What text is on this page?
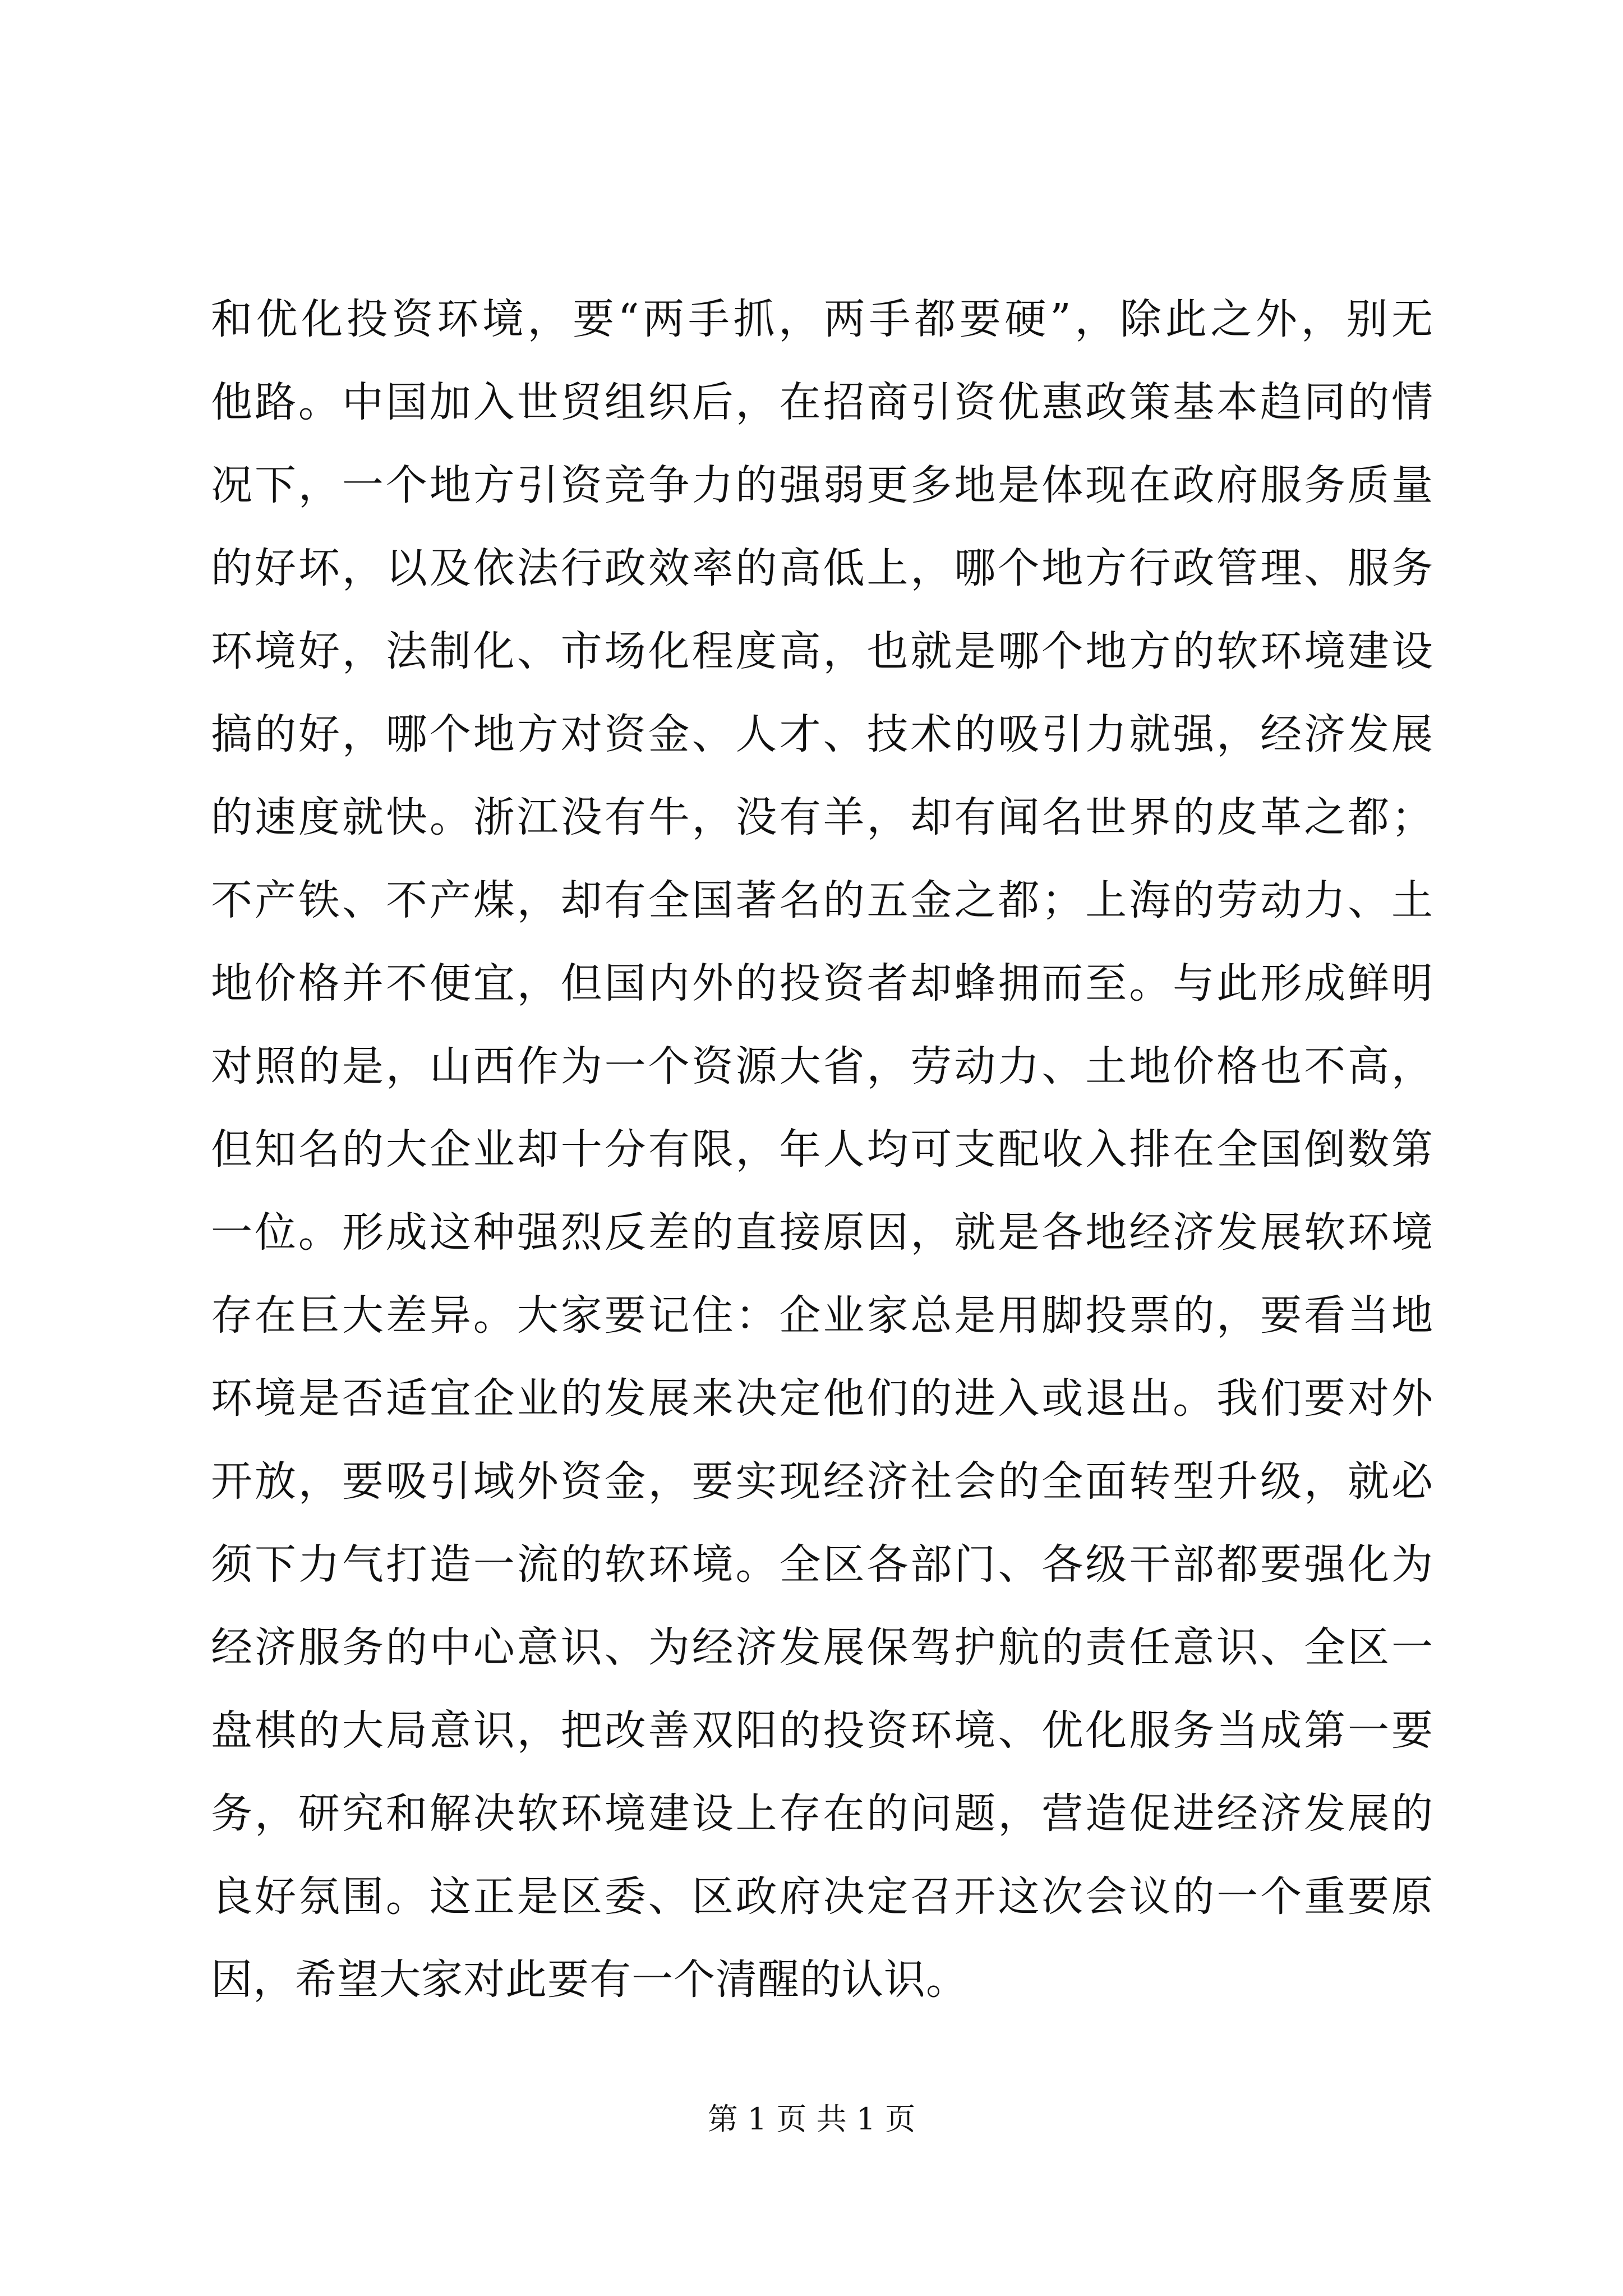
和优化投资环境，要“两手抓，两手都要硬”，除此之外，别无
他路。中国加入世贸组织后，在招商引资优惠政策基本趋同的情
况下，一个地方引资竞争力的强弱更多地是体现在政府服务质量
的好坏，以及依法行政效率的高低上，哪个地方行政管理、服务
环境好，法制化、市场化程度高，也就是哪个地方的软环境建设
搞的好，哪个地方对资金、人才、技术的吸引力就强，经济发展
的速度就快。浙江没有牛，没有羊，却有闻名世界的皮革之都；
不产铁、不产煤，却有全国著名的五金之都；上海的劳动力、土
地价格并不便宜，但国内外的投资者却蜂拥而至。与此形成鲜明
对照的是，山西作为一个资源大省，劳动力、土地价格也不高，
但知名的大企业却十分有限，年人均可支配收入排在全国倒数第
一位。形成这种强烈反差的直接原因，就是各地经济发展软环境
存在巨大差异。大家要记住：企业家总是用脚投票的，要看当地
环境是否适宜企业的发展来决定他们的进入或退出。我们要对外
开放，要吸引域外资金，要实现经济社会的全面转型升级，就必
须下力气打造一流的软环境。全区各部门、各级干部都要强化为
经济服务的中心意识、为经济发展保驾护航的责任意识、全区一
盘棋的大局意识，把改善双阳的投资环境、优化服务当成第一要
务，研究和解决软环境建设上存在的问题，营造促进经济发展的
良好氛围。这正是区委、区政府决定召开这次会议的一个重要原
因，希望大家对此要有一个清醒的认识。
第 1 页 共 1 页
